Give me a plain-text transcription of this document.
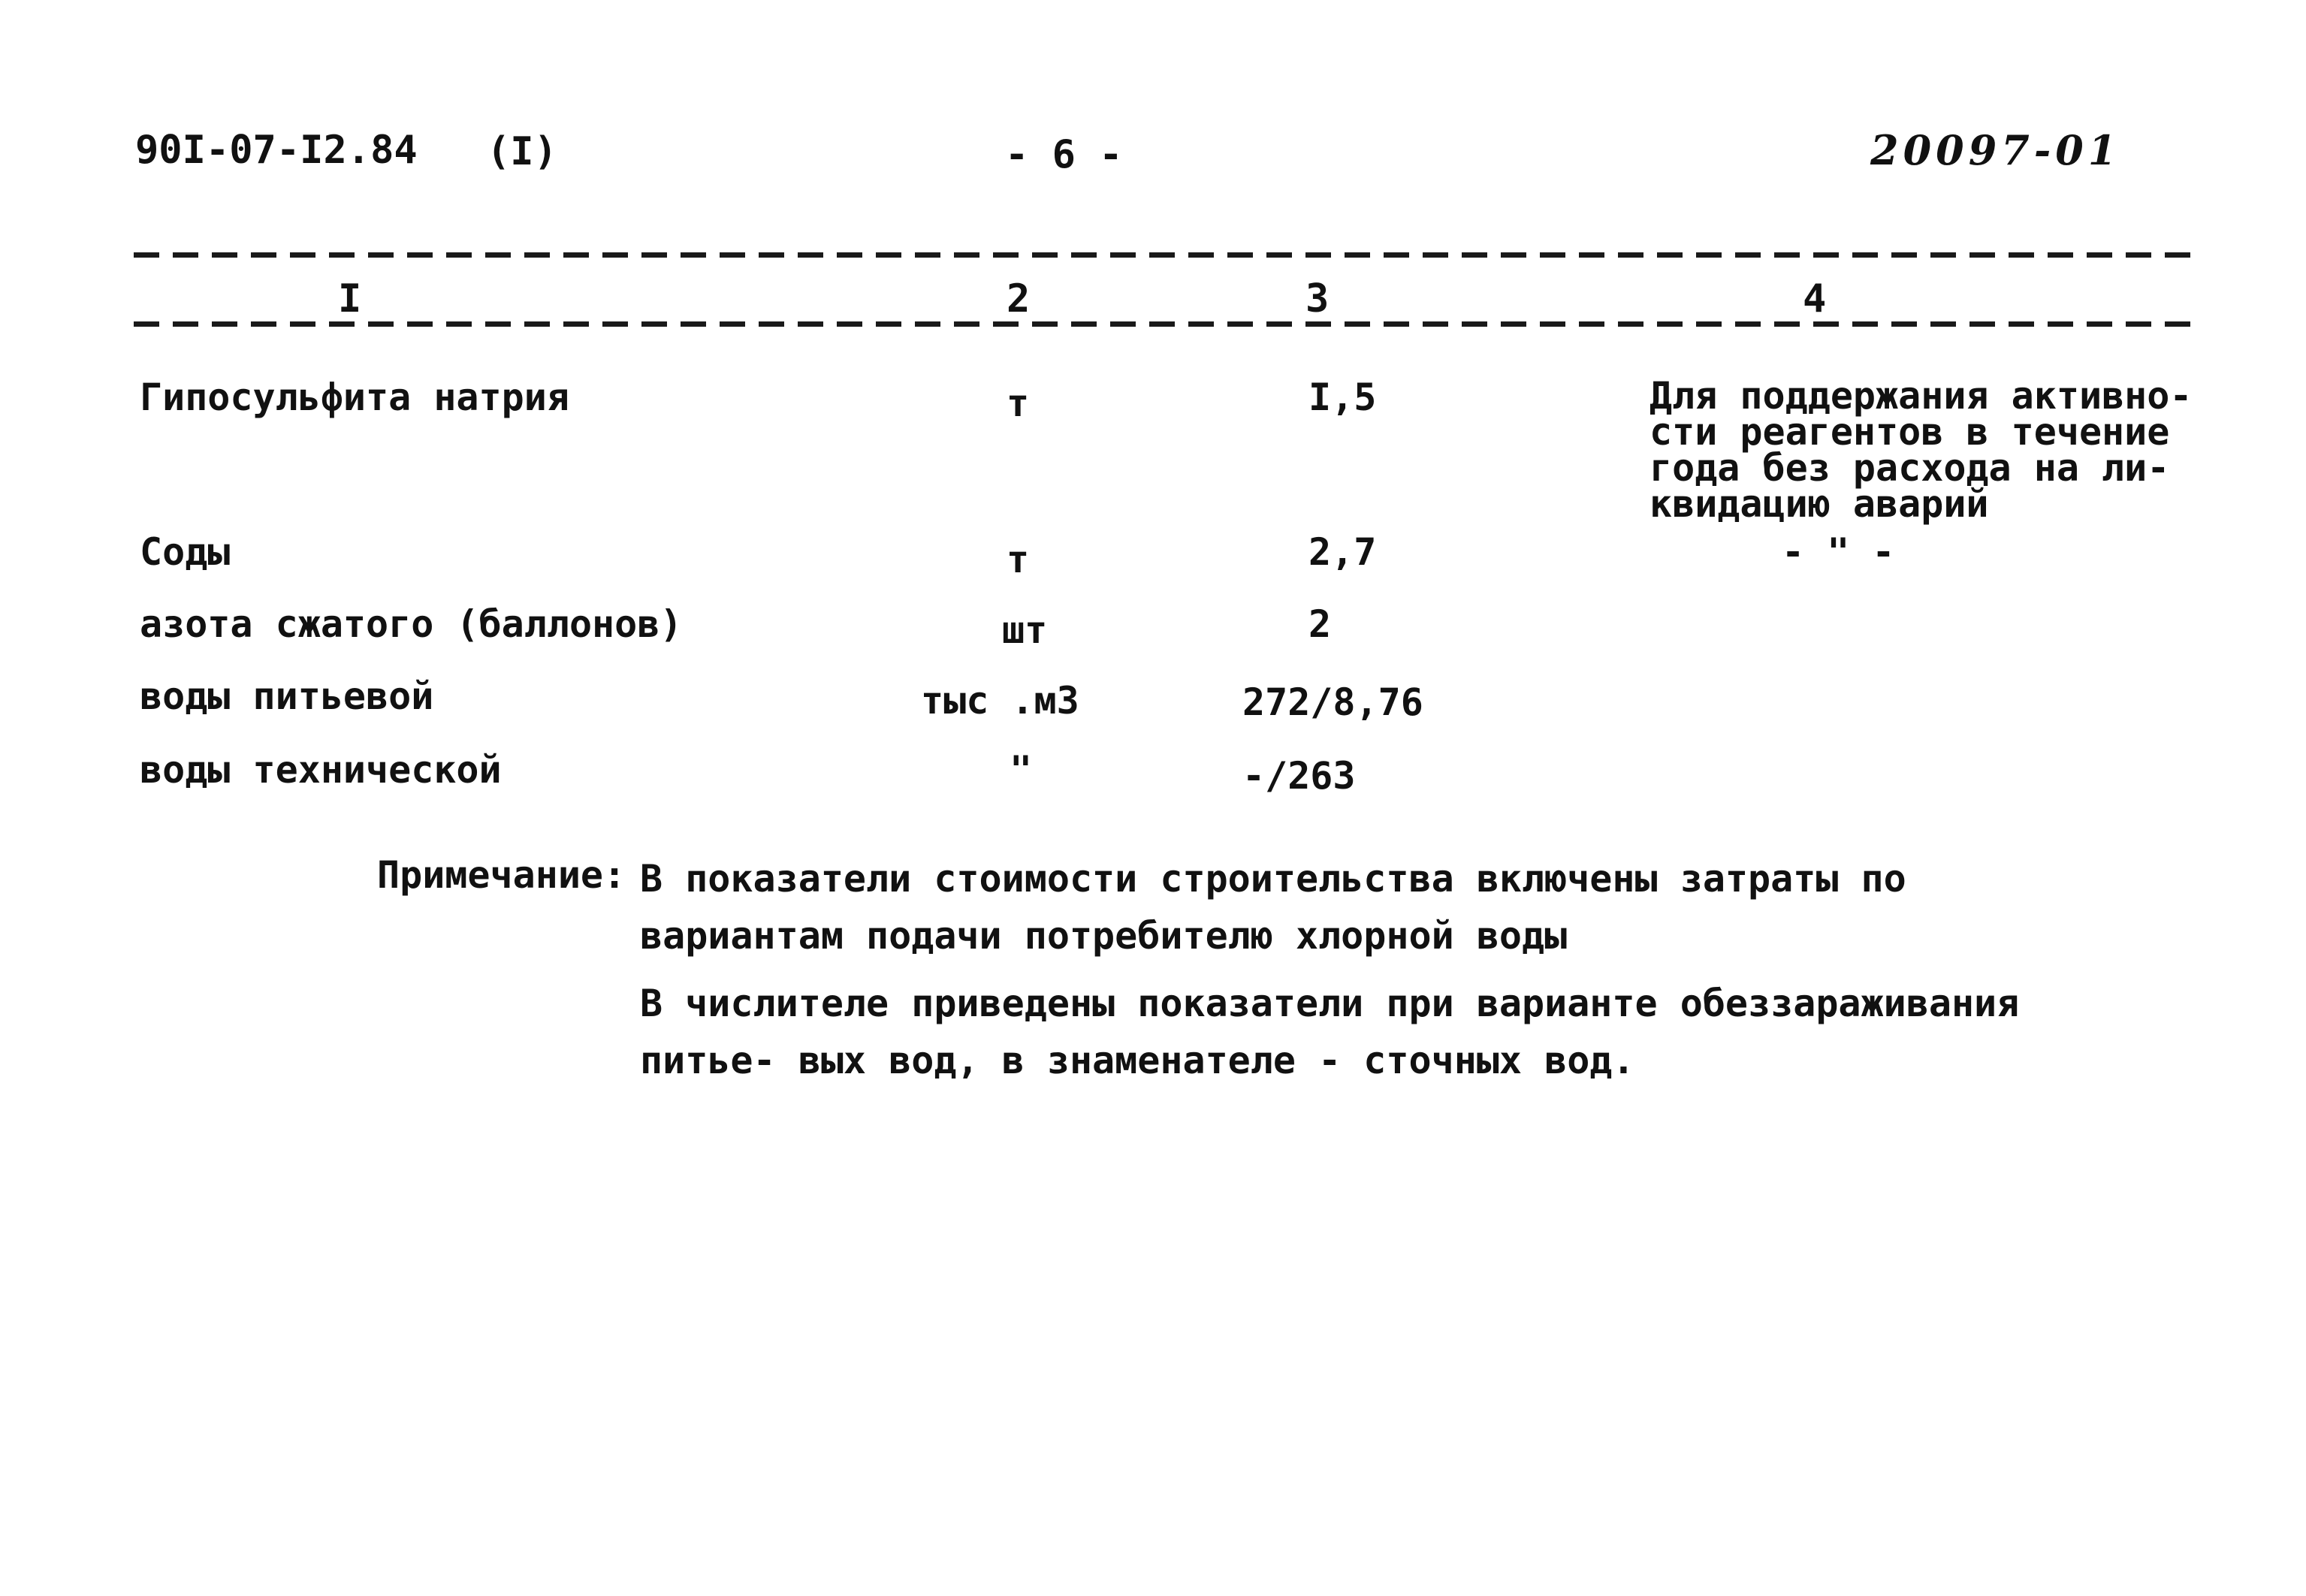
90I-07-I2.84 (I)	- 6 -	20097-01
I	2	3	4
Гипосульфита натрия	т	I,5	Для поддержания активно-
сти реагентов в течение
года без расхода на ли-
квидацию аварий
Соды	т	2,7	- " -
азота сжатого (баллонов)	шт	2
воды питьевой	тыс .м3	272/8,76
воды технической	"	-/263
Примечание: В показатели стоимости строительства включены затраты по вариантам подачи потребителю хлорной воды
В числителе приведены показатели при варианте обеззараживания питье- вых вод, в знаменателе - сточных вод.
